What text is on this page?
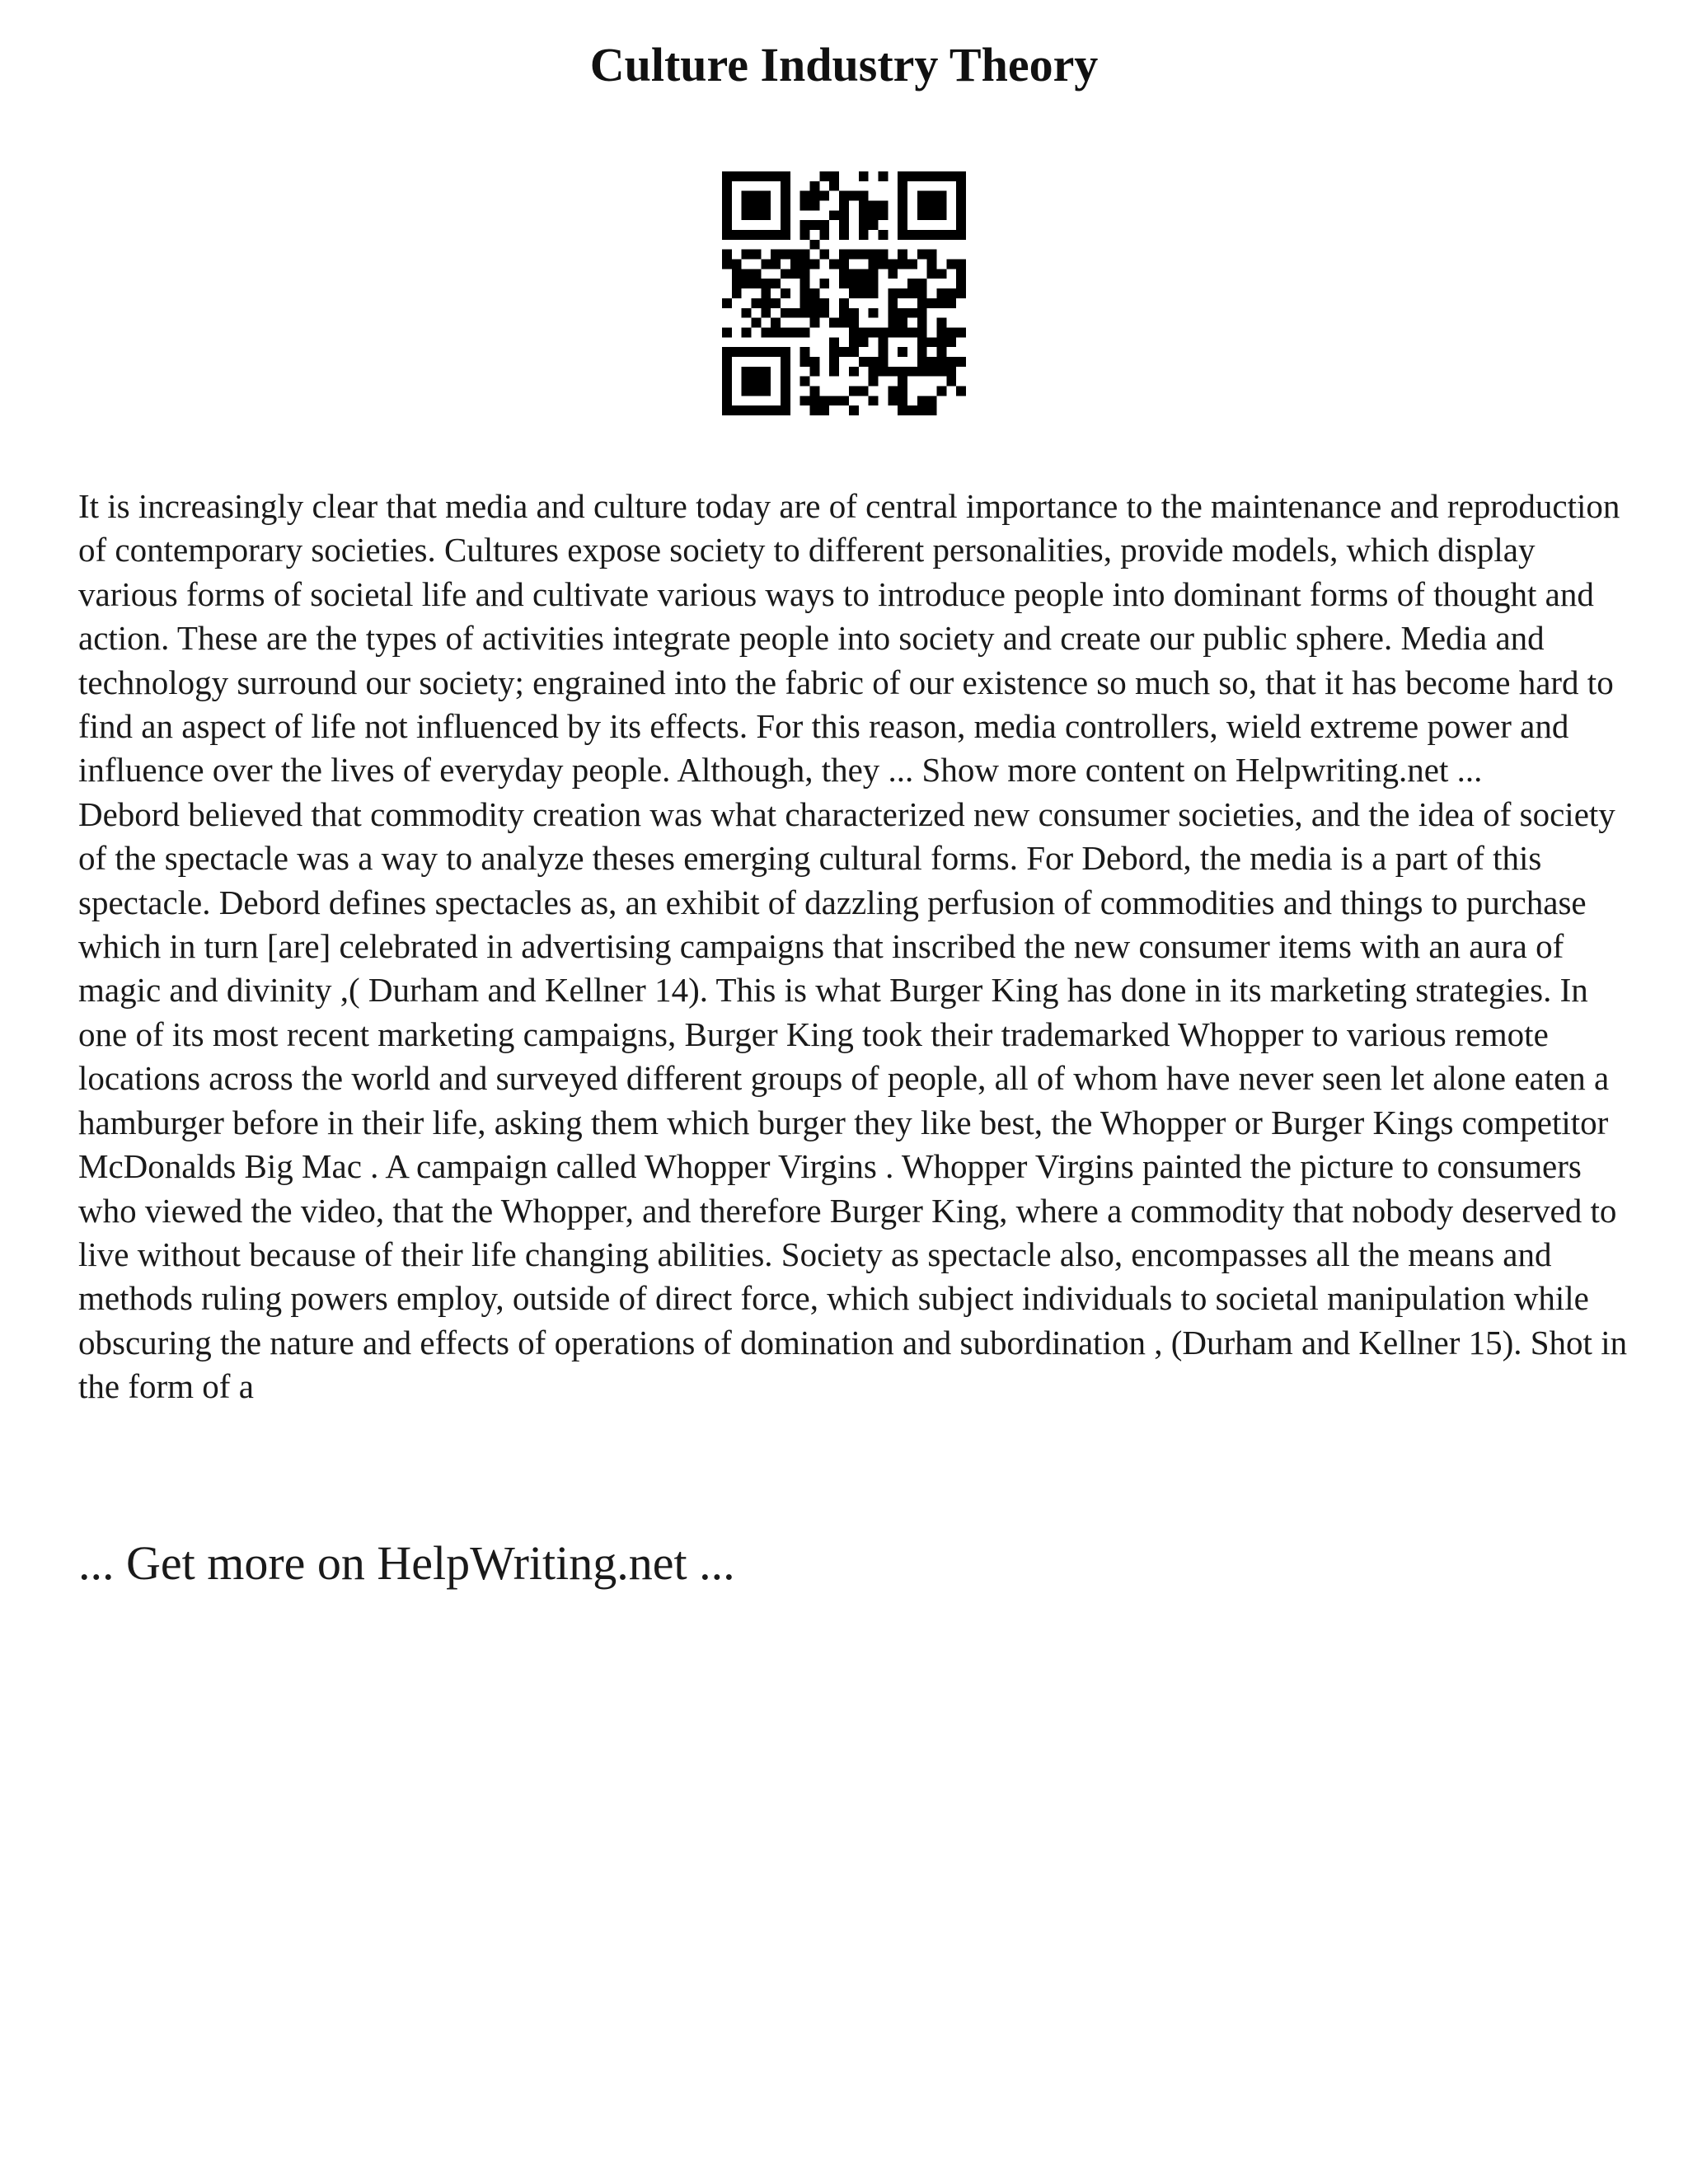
Culture Industry Theory

It is increasingly clear that media and culture today are of central importance to the maintenance and reproduction of contemporary societies. Cultures expose society to different personalities, provide models, which display various forms of societal life and cultivate various ways to introduce people into dominant forms of thought and action. These are the types of activities integrate people into society and create our public sphere. Media and technology surround our society; engrained into the fabric of our existence so much so, that it has become hard to find an aspect of life not influenced by its effects. For this reason, media controllers, wield extreme power and influence over the lives of everyday people. Although, they ... Show more content on Helpwriting.net ...

Debord believed that commodity creation was what characterized new consumer societies, and the idea of society of the spectacle was a way to analyze theses emerging cultural forms. For Debord, the media is a part of this spectacle. Debord defines spectacles as, an exhibit of dazzling perfusion of commodities and things to purchase which in turn [are] celebrated in advertising campaigns that inscribed the new consumer items with an aura of magic and divinity ,( Durham and Kellner 14). This is what Burger King has done in its marketing strategies. In one of its most recent marketing campaigns, Burger King took their trademarked Whopper to various remote locations across the world and surveyed different groups of people, all of whom have never seen let alone eaten a hamburger before in their life, asking them which burger they like best, the Whopper or Burger Kings competitor McDonalds Big Mac . A campaign called Whopper Virgins . Whopper Virgins painted the picture to consumers who viewed the video, that the Whopper, and therefore Burger King, where a commodity that nobody deserved to live without because of their life changing abilities. Society as spectacle also, encompasses all the means and methods ruling powers employ, outside of direct force, which subject individuals to societal manipulation while obscuring the nature and effects of operations of domination and subordination , (Durham and Kellner 15). Shot in the form of a

... Get more on HelpWriting.net ...
